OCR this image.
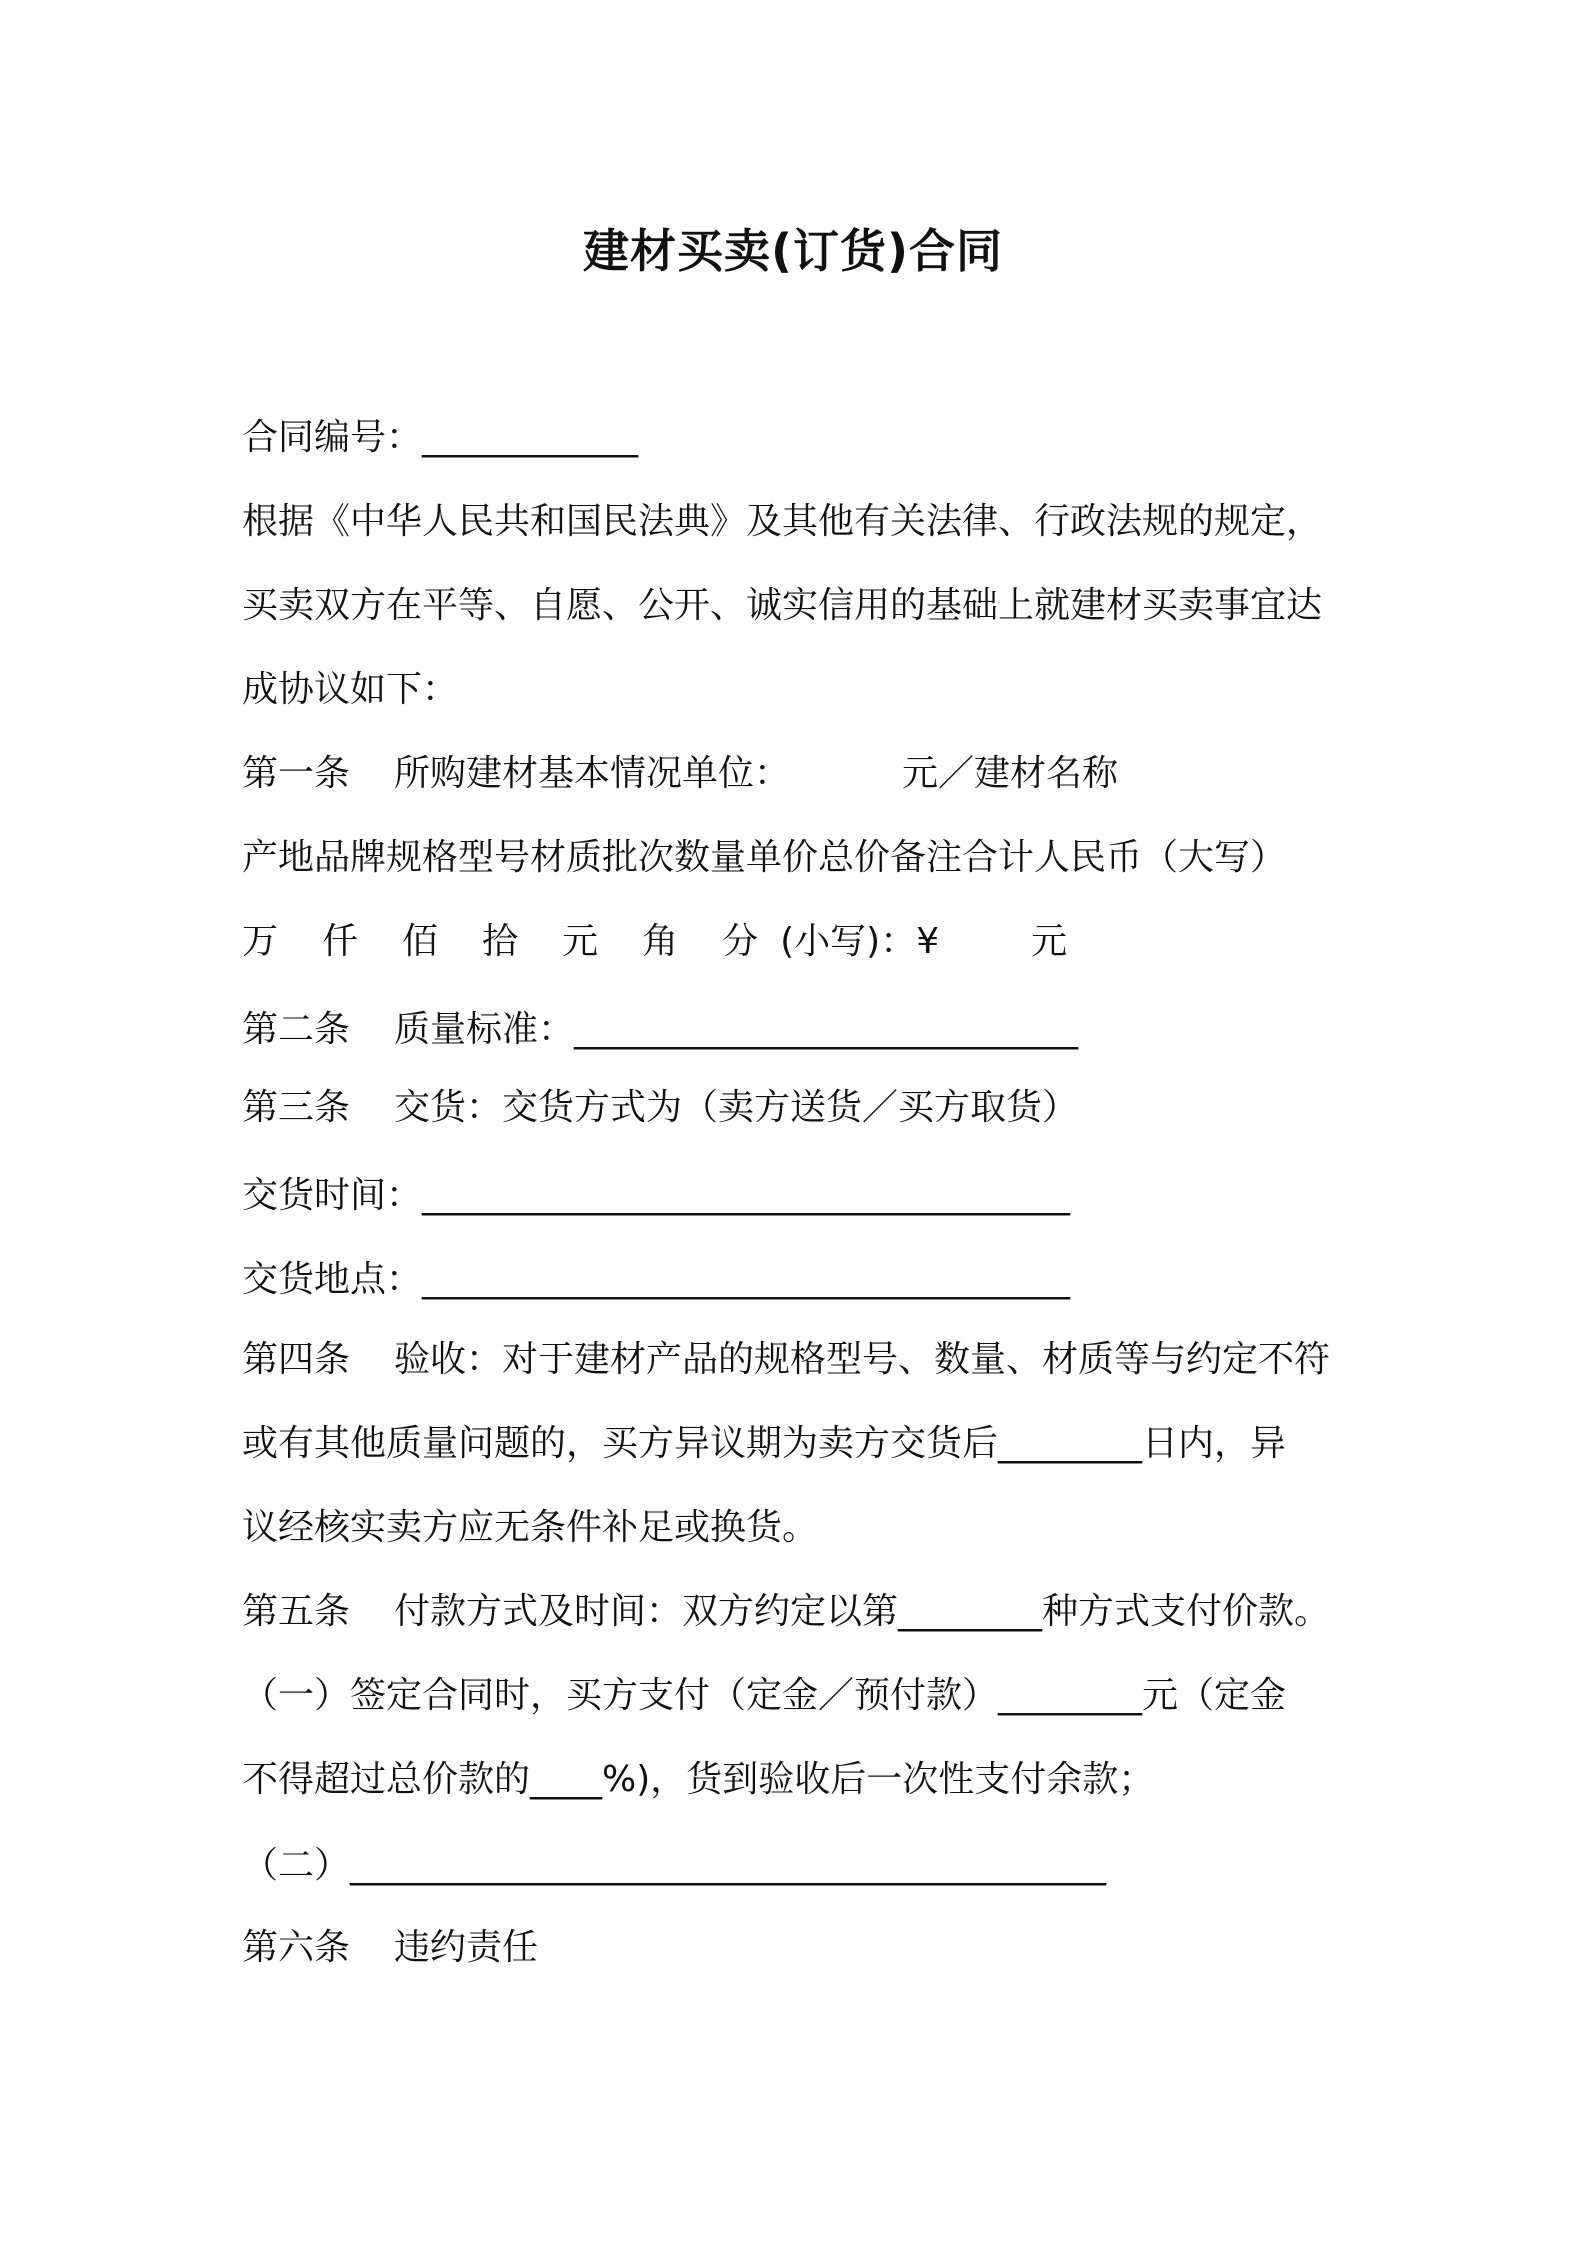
建材买卖(订货)合同
合同编号：____________
根据《中华人民共和国民法典》及其他有关法律、行政法规的规定，
买卖双方在平等、自愿、公开、诚实信用的基础上就建材买卖事宜达
成协议如下：
第一条 所购建材基本情况单位：	元／建材名称
产地品牌规格型号材质批次数量单价总价备注合计人民币（大写）
万 仟 佰 拾 元 角 分 (小写)：¥	元
第二条 质量标准：____________________________
第三条 交货：交货方式为（卖方送货／买方取货）
交货时间：____________________________________
交货地点：____________________________________
第四条 验收：对于建材产品的规格型号、数量、材质等与约定不符
或有其他质量问题的，买方异议期为卖方交货后________日内，异
议经核实卖方应无条件补足或换货。
第五条 付款方式及时间：双方约定以第________种方式支付价款。
（一）签定合同时，买方支付（定金／预付款）________元（定金
不得超过总价款的____%)，货到验收后一次性支付余款；
（二）__________________________________________
第六条 违约责任
